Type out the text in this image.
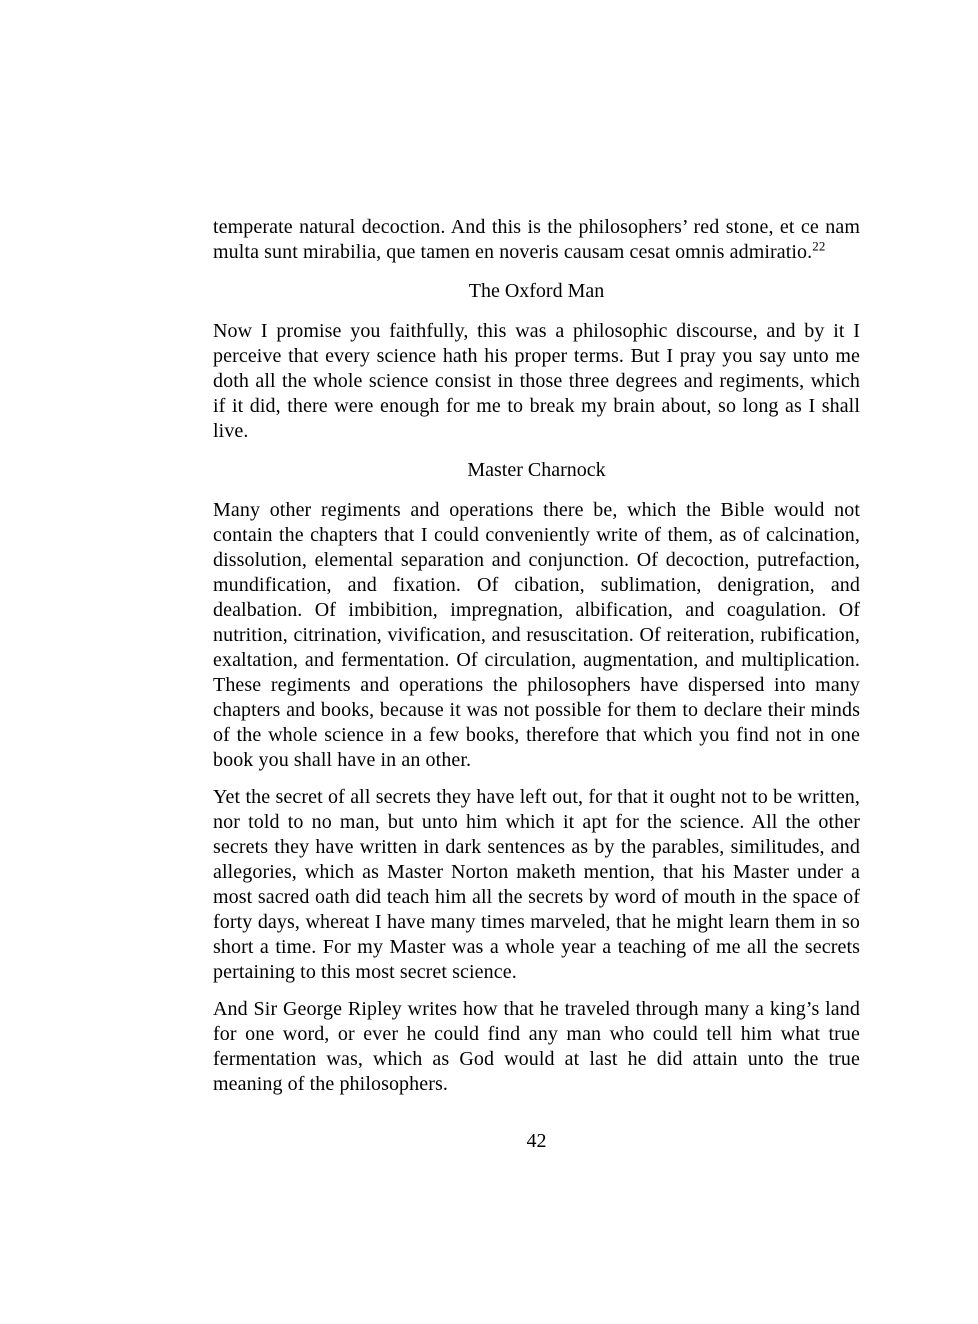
temperate natural decoction. And this is the philosophers’ red stone, et ce nam multa sunt mirabilia, que tamen en noveris causam cesat omnis admiratio.$^{22}$

The Oxford Man

Now I promise you faithfully, this was a philosophic discourse, and by it I perceive that every science hath his proper terms. But I pray you say unto me doth all the whole science consist in those three degrees and regiments, which if it did, there were enough for me to break my brain about, so long as I shall live.

Master Charnock

Many other regiments and operations there be, which the Bible would not contain the chapters that I could conveniently write of them, as of calcination, dissolution, elemental separation and conjunction. Of decoction, putrefaction, mundification, and fixation. Of cibation, sublimation, denigration, and dealbation. Of imbibition, impregnation, albification, and coagulation. Of nutrition, citrination, vivification, and resuscitation. Of reiteration, rubification, exaltation, and fermentation. Of circulation, augmentation, and multiplication. These regiments and operations the philosophers have dispersed into many chapters and books, because it was not possible for them to declare their minds of the whole science in a few books, therefore that which you find not in one book you shall have in an other.

Yet the secret of all secrets they have left out, for that it ought not to be written, nor told to no man, but unto him which it apt for the science. All the other secrets they have written in dark sentences as by the parables, similitudes, and allegories, which as Master Norton maketh mention, that his Master under a most sacred oath did teach him all the secrets by word of mouth in the space of forty days, whereat I have many times marveled, that he might learn them in so short a time. For my Master was a whole year a teaching of me all the secrets pertaining to this most secret science.

And Sir George Ripley writes how that he traveled through many a king’s land for one word, or ever he could find any man who could tell him what true fermentation was, which as God would at last he did attain unto the true meaning of the philosophers.

42
